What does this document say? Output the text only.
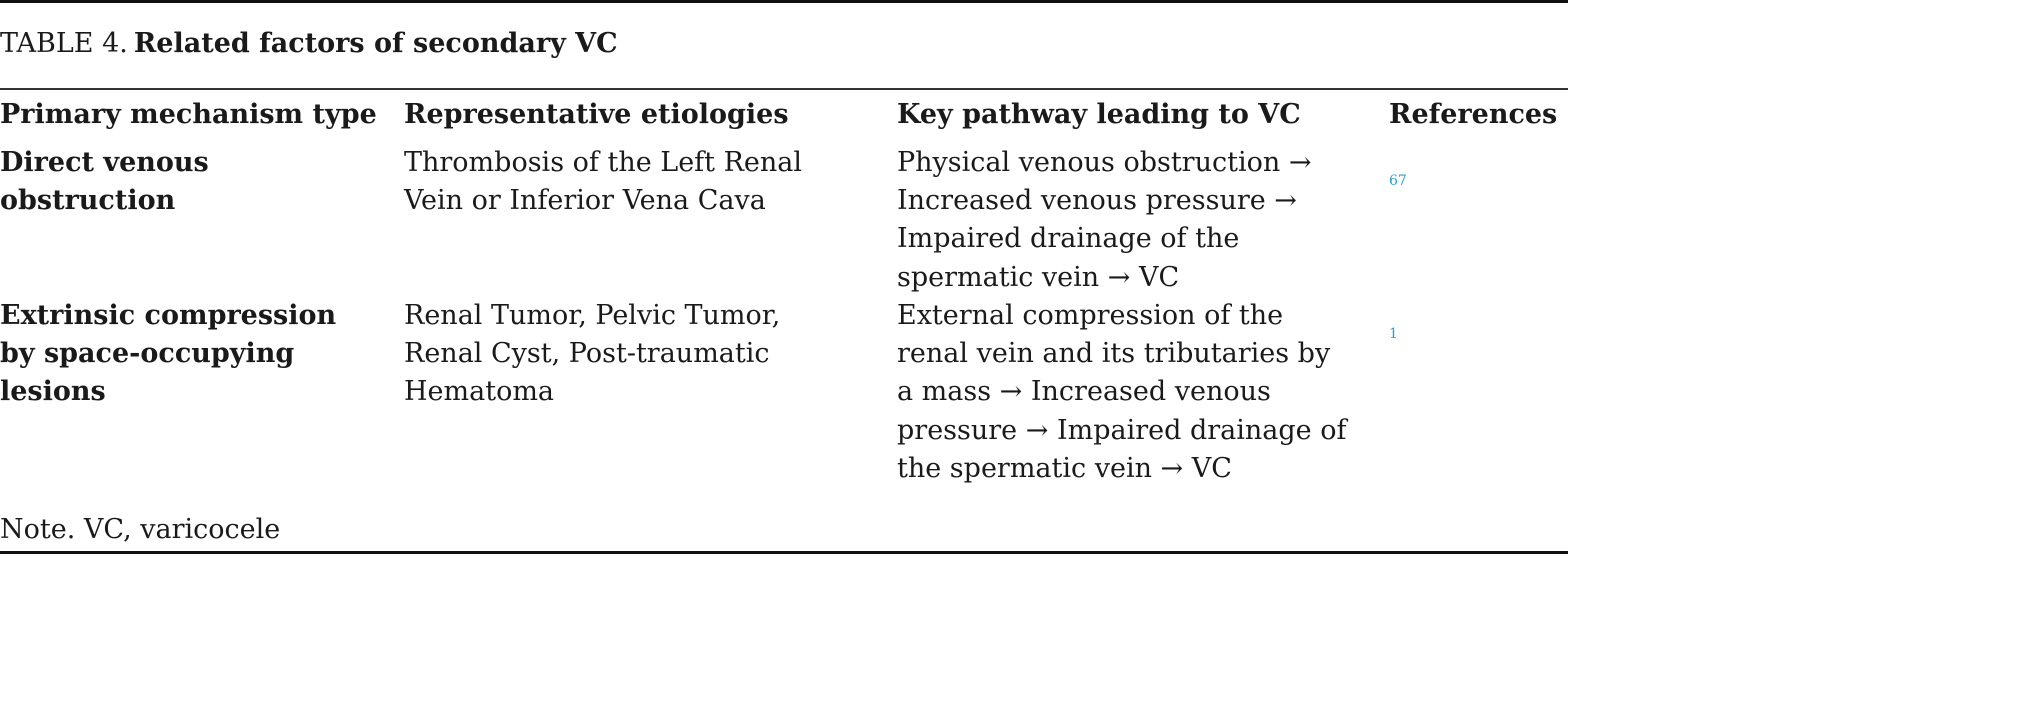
TABLE 4. Related factors of secondary VC
Primary mechanism type Representative etiologies	Key pathway leading to VC	References
Direct venous obstruction
Thrombosis of the Left Renal Vein or Inferior Vena Cava
Physical venous obstruction → Increased venous pressure → Impaired drainage of the spermatic vein → VC
67
Extrinsic compression by space-occupying lesions
Renal Tumor, Pelvic Tumor, Renal Cyst, Post-traumatic Hematoma
External compression of the renal vein and its tributaries by a mass → Increased venous pressure → Impaired drainage of the spermatic vein → VC
1
Note. VC, varicocele
